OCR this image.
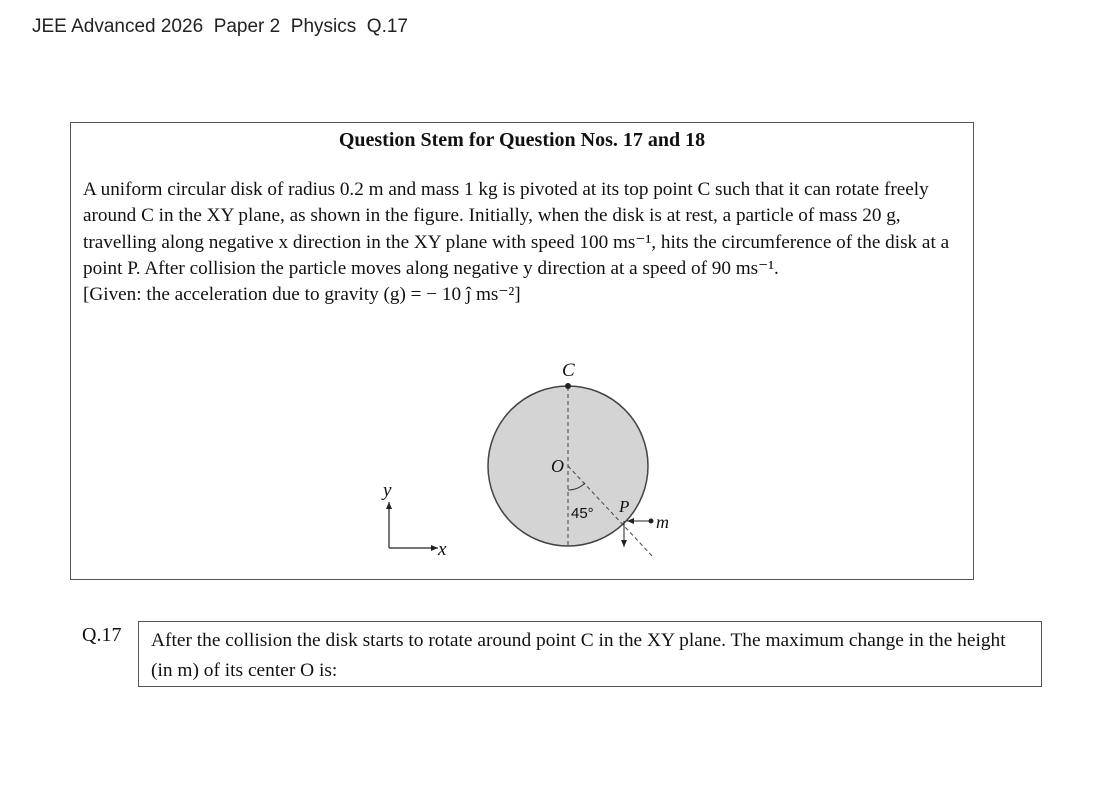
JEE Advanced 2026  Paper 2  Physics  Q.17
Question Stem for Question Nos. 17 and 18

A uniform circular disk of radius 0.2 m and mass 1 kg is pivoted at its top point C such that it can rotate freely around C in the XY plane, as shown in the figure. Initially, when the disk is at rest, a particle of mass 20 g, travelling along negative x direction in the XY plane with speed 100 ms⁻¹, hits the circumference of the disk at a point P. After collision the particle moves along negative y direction at a speed of 90 ms⁻¹.

[Given: the acceleration due to gravity (g) = − 10 ĵ ms⁻²]

C
O
P
m
45°
y
x
Q.17 After the collision the disk starts to rotate around point C in the XY plane. The maximum change in the height (in m) of its center O is:
